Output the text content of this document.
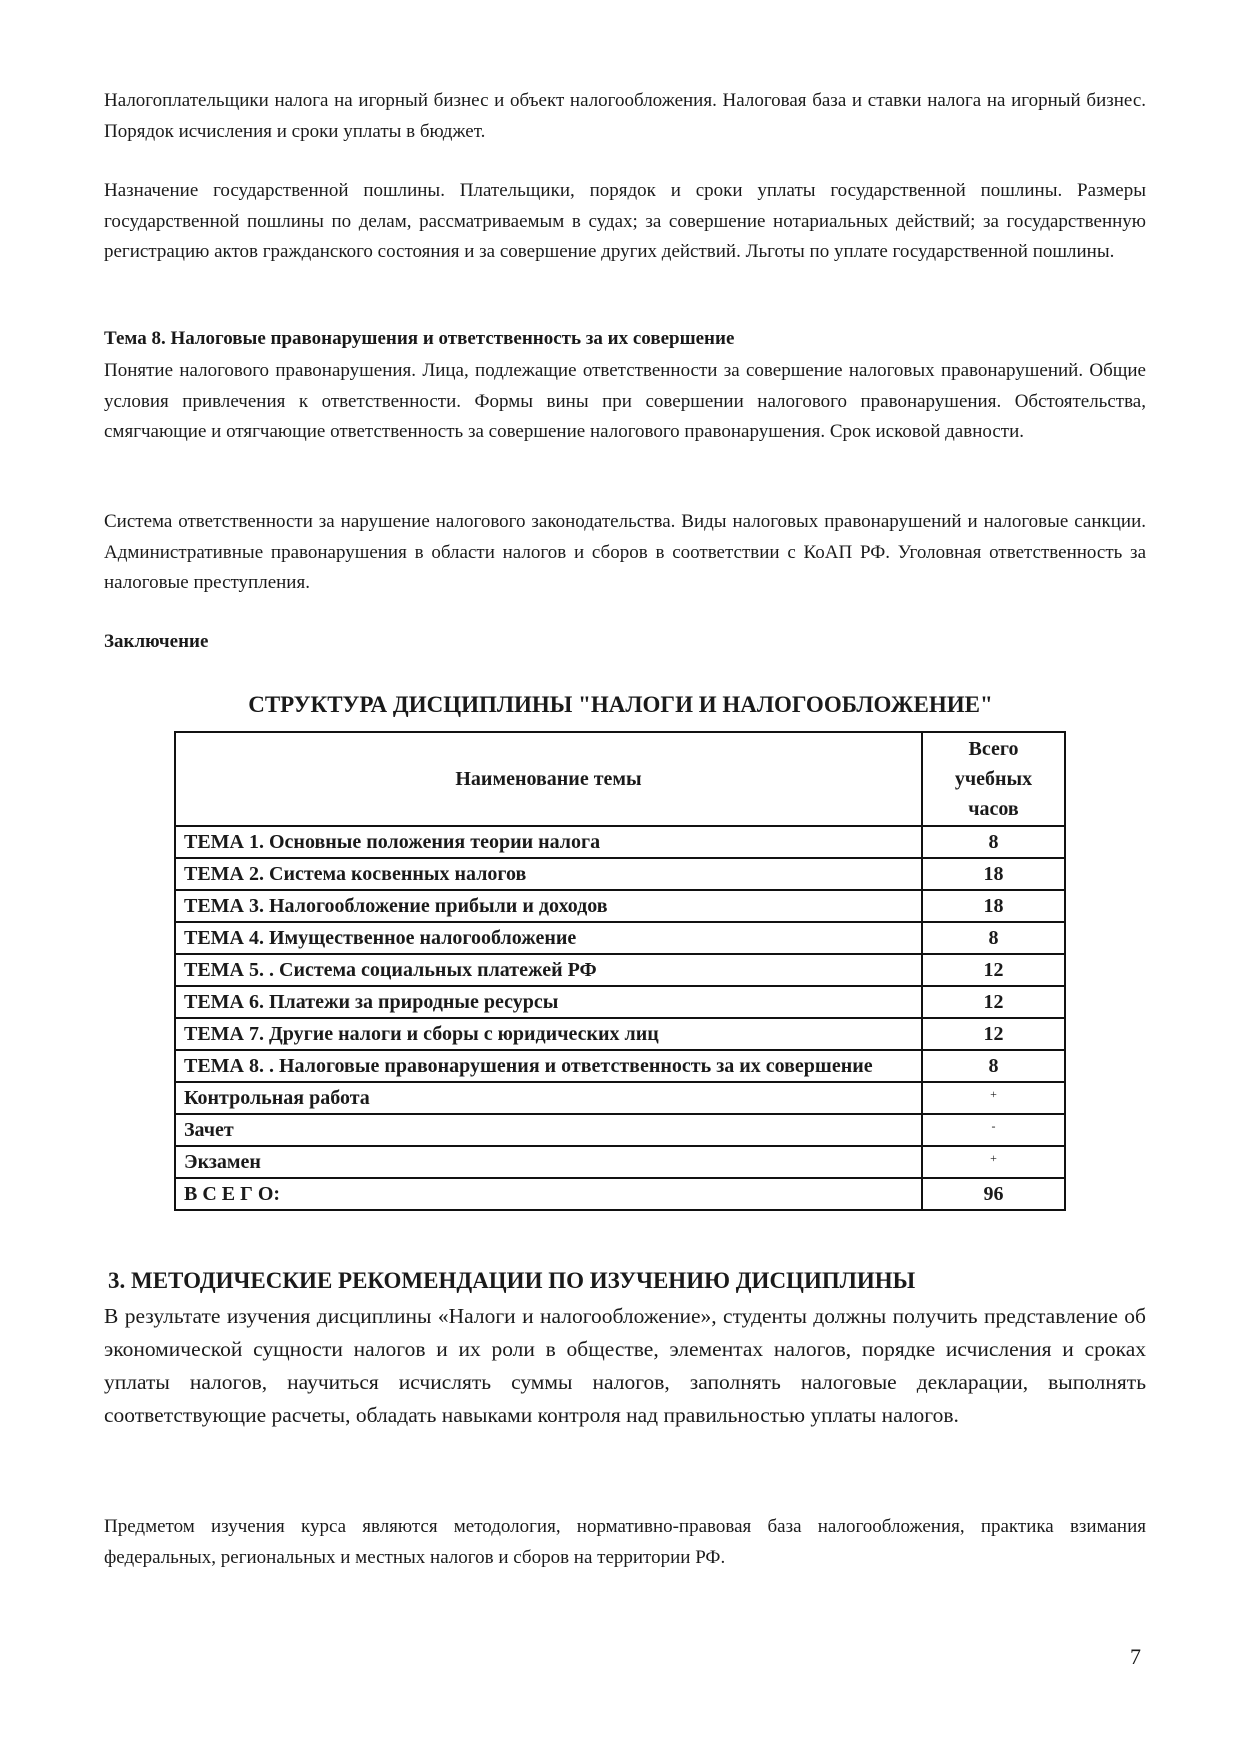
Налогоплательщики налога на игорный бизнес и объект налогообложения. Налоговая база и ставки налога на игорный бизнес. Порядок исчисления и сроки уплаты в бюджет.

Назначение государственной пошлины. Плательщики, порядок и сроки уплаты государственной пошлины. Размеры государственной пошлины по делам, рассматриваемым в судах; за совершение нотариальных действий; за государственную регистрацию актов гражданского состояния и за совершение других действий. Льготы по уплате государственной пошлины.

Тема 8. Налоговые правонарушения и ответственность за их совершение

Понятие налогового правонарушения. Лица, подлежащие ответственности за совершение налоговых правонарушений. Общие условия привлечения к ответственности. Формы вины при совершении налогового правонарушения. Обстоятельства, смягчающие и отягчающие ответственность за совершение налогового правонарушения. Срок исковой давности.

Система ответственности за нарушение налогового законодательства. Виды налоговых правонарушений и налоговые санкции. Административные правонарушения в области налогов и сборов в соответствии с КоАП РФ. Уголовная ответственность за налоговые преступления.

Заключение

СТРУКТУРА ДИСЦИПЛИНЫ "НАЛОГИ И НАЛОГООБЛОЖЕНИЕ"
Наименование темы	Всего
учебных
часов
ТЕМА 1. Основные положения теории налога	8
ТЕМА 2. Система косвенных налогов	18
ТЕМА 3. Налогообложение прибыли и доходов	18
ТЕМА 4. Имущественное налогообложение	8
ТЕМА 5. . Система социальных платежей РФ	12
ТЕМА 6. Платежи за природные ресурсы	12
ТЕМА 7. Другие налоги и сборы с юридических лиц	12
ТЕМА 8. . Налоговые правонарушения и ответственность за их совершение	8
Контрольная работа	+
Зачет	-
Экзамен	+
В С Е Г О:	96
3. МЕТОДИЧЕСКИЕ РЕКОМЕНДАЦИИ ПО ИЗУЧЕНИЮ ДИСЦИПЛИНЫ

В результате изучения дисциплины «Налоги и налогообложение», студенты должны получить представление об экономической сущности налогов и их роли в обществе, элементах налогов, порядке исчисления и сроках уплаты налогов, научиться исчислять суммы налогов, заполнять налоговые декларации, выполнять соответствующие расчеты, обладать навыками контроля над правильностью уплаты налогов.

Предметом изучения курса являются методология, нормативно-правовая база налогообложения, практика взимания федеральных, региональных и местных налогов и сборов на территории РФ.

7
